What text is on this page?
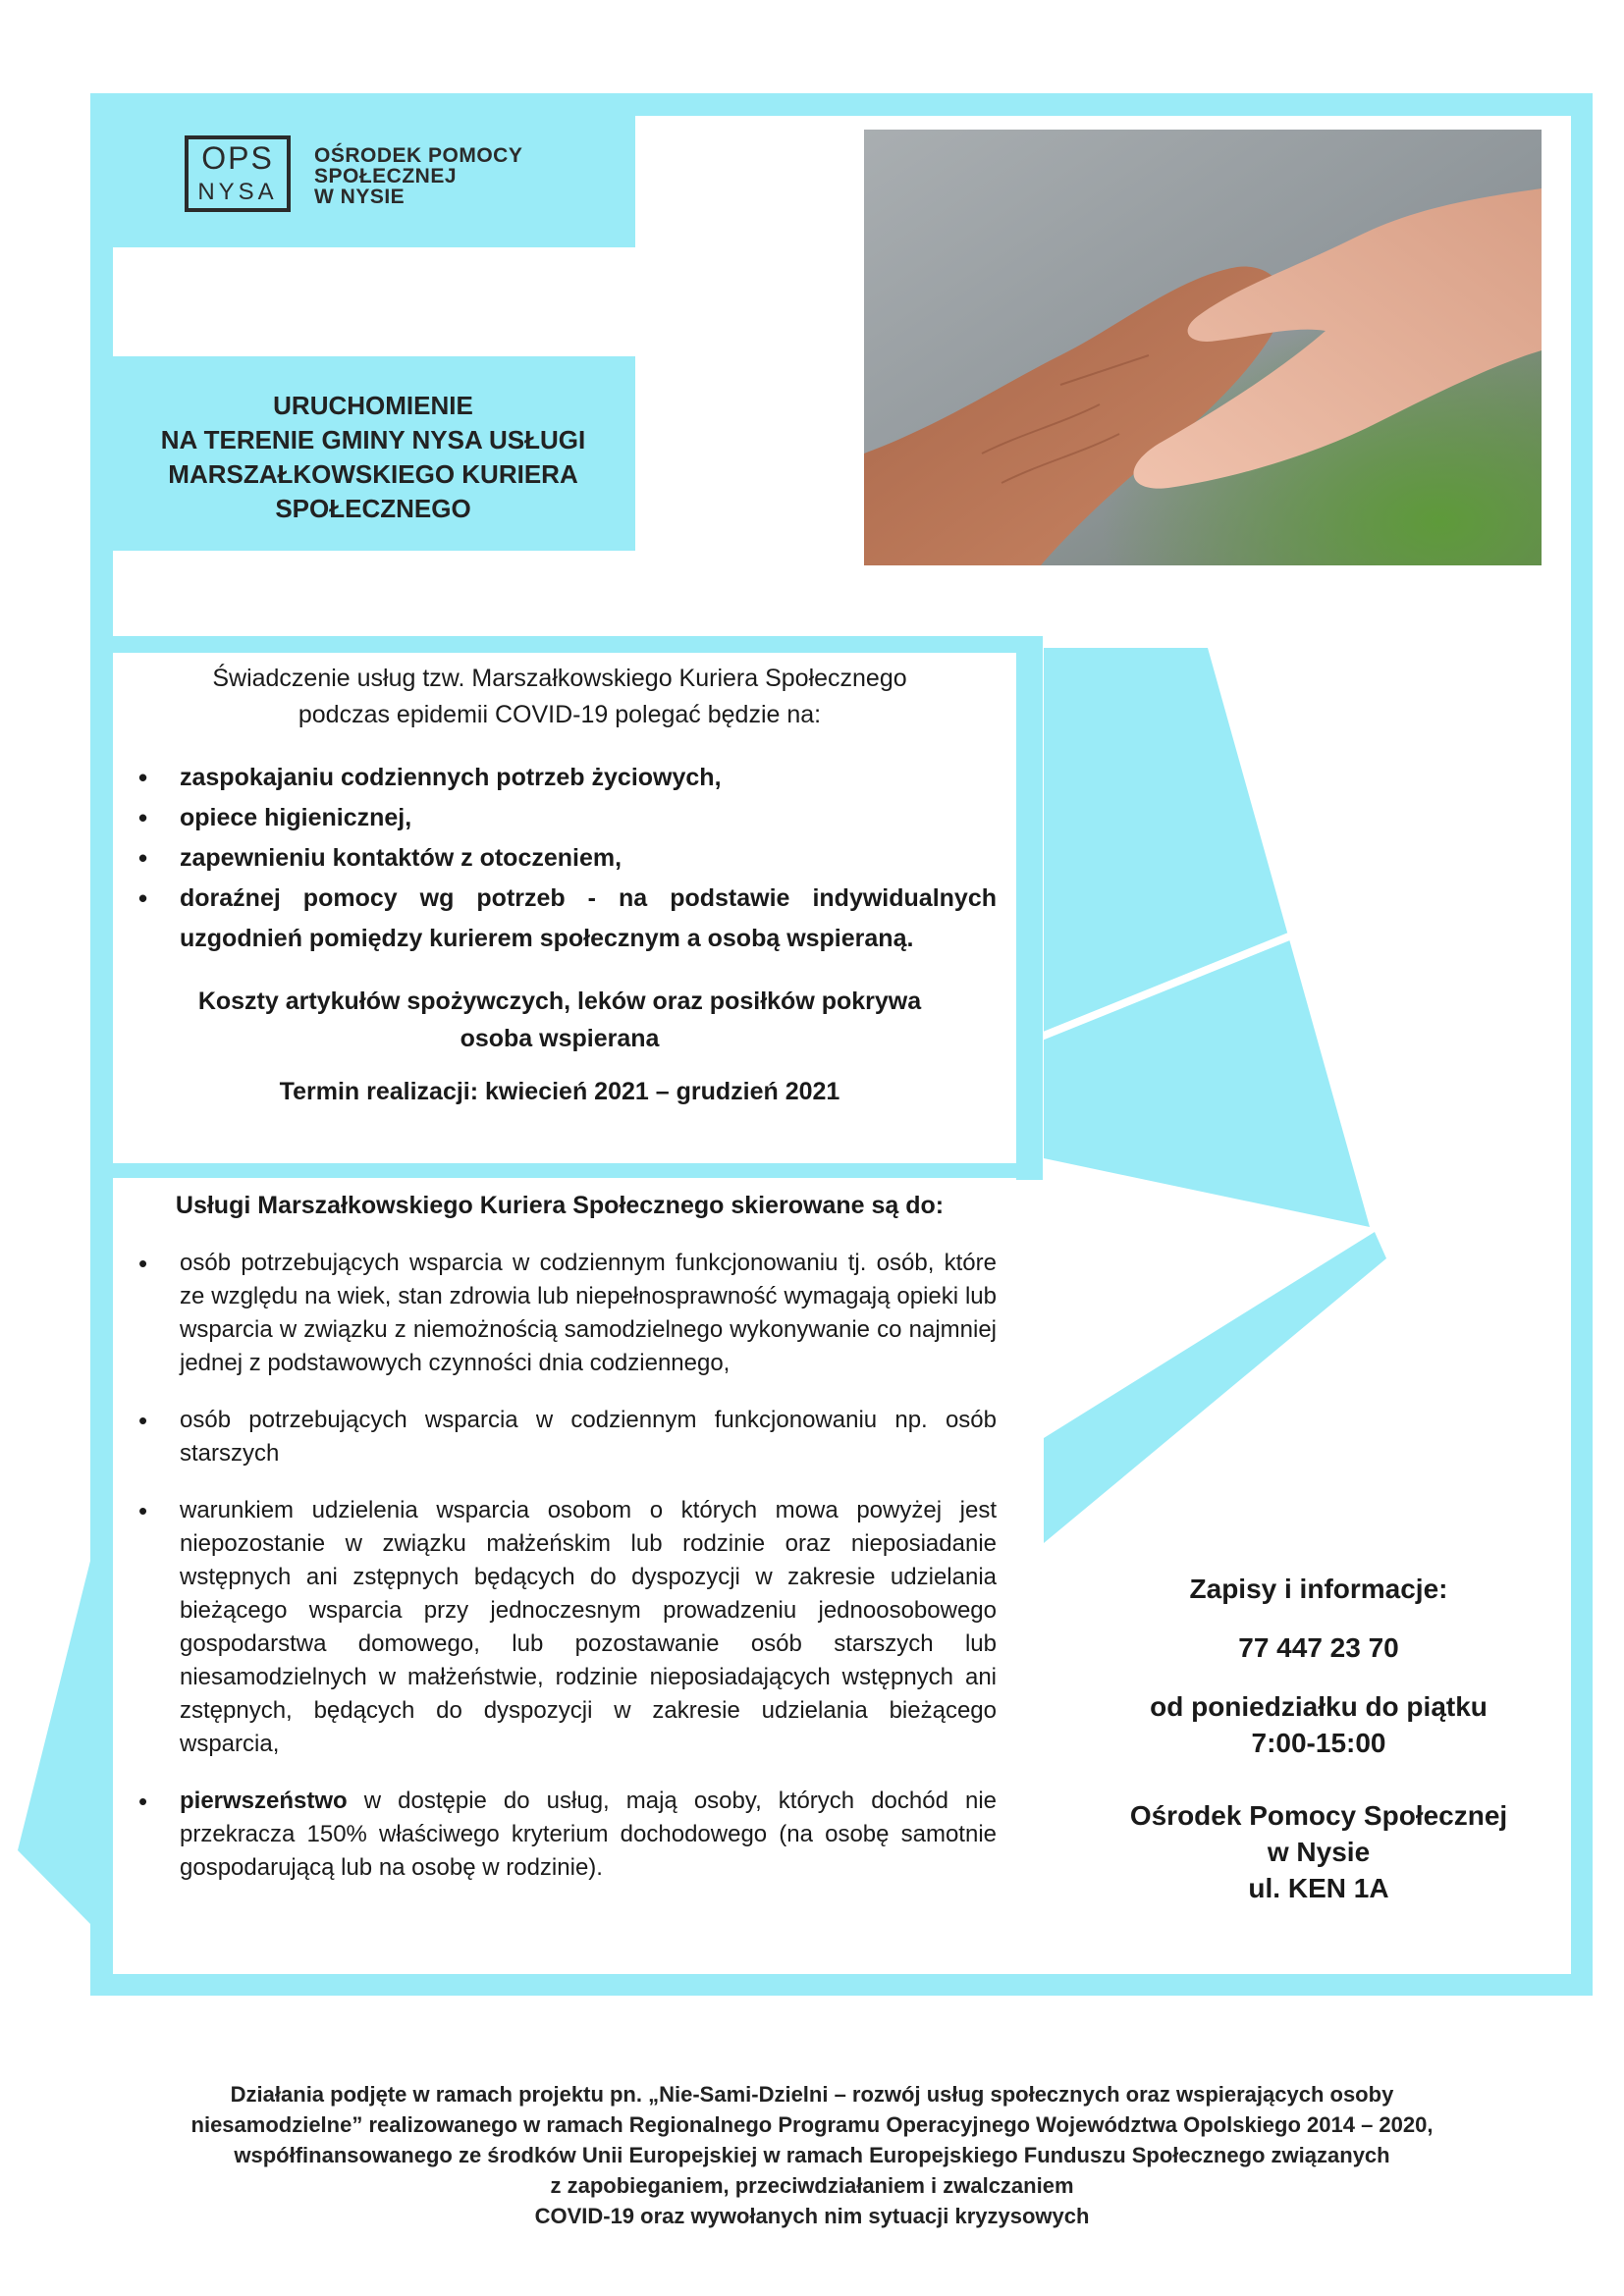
OPS
NYSA
OŚRODEK POMOCY
SPOŁECZNEJ
W NYSIE
URUCHOMIENIE
NA TERENIE GMINY NYSA USŁUGI
MARSZAŁKOWSKIEGO KURIERA
SPOŁECZNEGO
Świadczenie usług tzw. Marszałkowskiego Kuriera Społecznego
podczas epidemii COVID-19 polegać będzie na:
• zaspokajaniu codziennych potrzeb życiowych,
• opiece higienicznej,
• zapewnieniu kontaktów z otoczeniem,
• doraźnej pomocy wg potrzeb - na podstawie indywidualnych uzgodnień pomiędzy kurierem społecznym a osobą wspieraną.
Koszty artykułów spożywczych, leków oraz posiłków pokrywa
osoba wspierana
Termin realizacji: kwiecień 2021 – grudzień 2021
Usługi Marszałkowskiego Kuriera Społecznego skierowane są do:
• osób potrzebujących wsparcia w codziennym funkcjonowaniu tj. osób, które ze względu na wiek, stan zdrowia lub niepełnosprawność wymagają opieki lub wsparcia w związku z niemożnością samodzielnego wykonywanie co najmniej jednej z podstawowych czynności dnia codziennego,
• osób potrzebujących wsparcia w codziennym funkcjonowaniu np. osób starszych
• warunkiem udzielenia wsparcia osobom o których mowa powyżej jest niepozostanie w związku małżeńskim lub rodzinie oraz nieposiadanie wstępnych ani zstępnych będących do dyspozycji w zakresie udzielania bieżącego wsparcia przy jednoczesnym prowadzeniu jednoosobowego gospodarstwa domowego, lub pozostawanie osób starszych lub niesamodzielnych w małżeństwie, rodzinie nieposiadających wstępnych ani zstępnych, będących do dyspozycji w zakresie udzielania bieżącego wsparcia,
• pierwszeństwo w dostępie do usług, mają osoby, których dochód nie przekracza 150% właściwego kryterium dochodowego (na osobę samotnie gospodarującą lub na osobę w rodzinie).
Zapisy i informacje:
77 447 23 70
od poniedziałku do piątku
7:00-15:00
Ośrodek Pomocy Społecznej
w Nysie
ul. KEN 1A
Działania podjęte w ramach projektu pn. „Nie-Sami-Dzielni – rozwój usług społecznych oraz wspierających osoby
niesamodzielne” realizowanego w ramach Regionalnego Programu Operacyjnego Województwa Opolskiego 2014 – 2020,
współfinansowanego ze środków Unii Europejskiej w ramach Europejskiego Funduszu Społecznego związanych
z zapobieganiem, przeciwdziałaniem i zwalczaniem
COVID-19 oraz wywołanych nim sytuacji kryzysowych
